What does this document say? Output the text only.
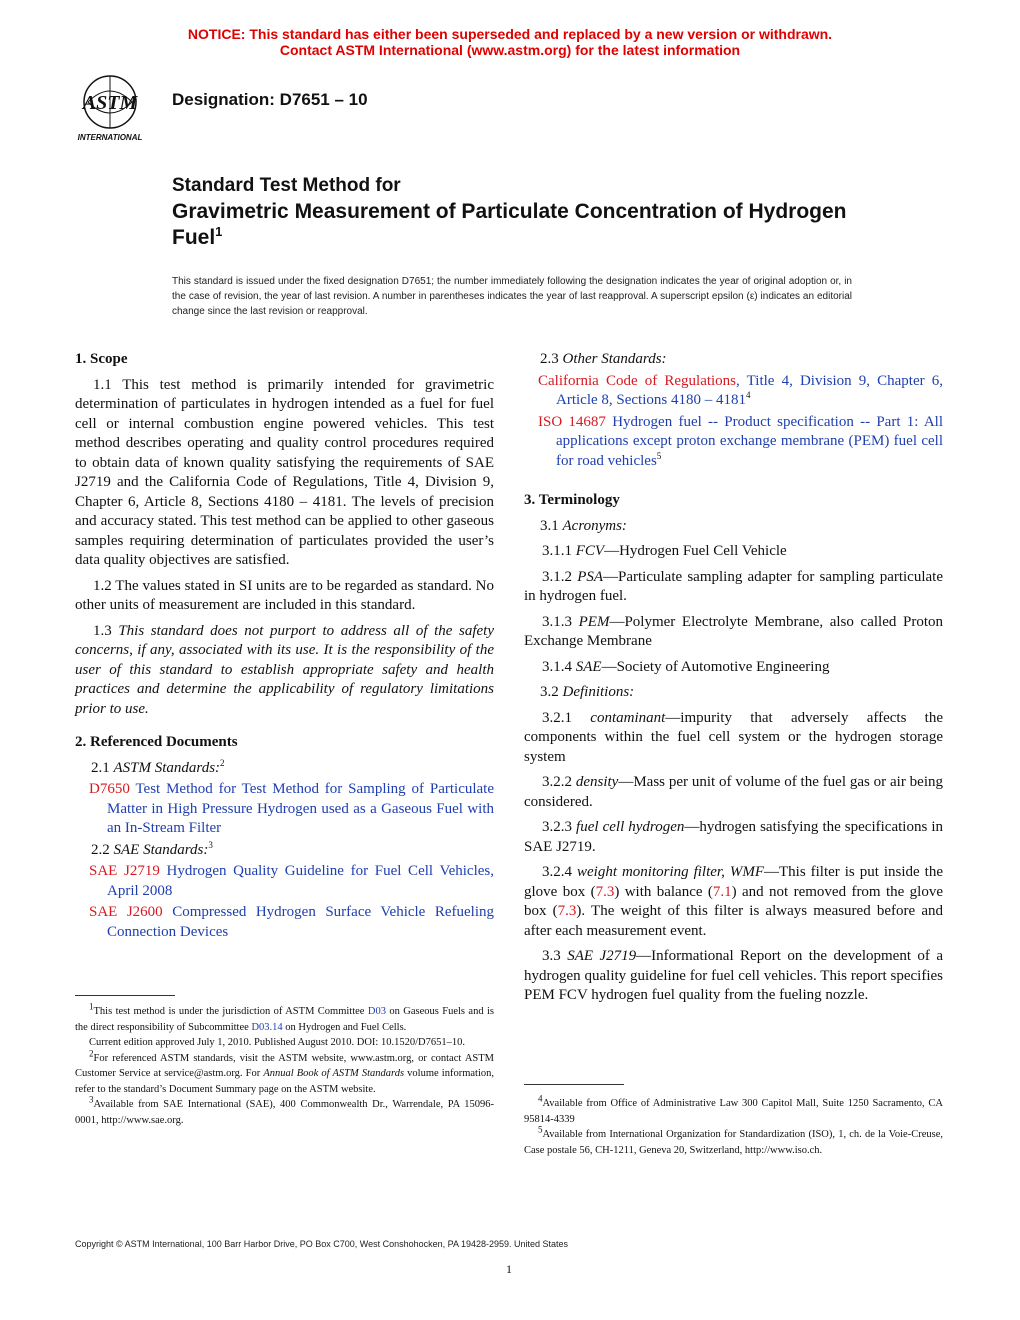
NOTICE: This standard has either been superseded and replaced by a new version or withdrawn.
Contact ASTM International (www.astm.org) for the latest information
ASTM
INTERNATIONAL
Designation: D7651 – 10
Standard Test Method for
Gravimetric Measurement of Particulate Concentration of Hydrogen Fuel$^1$
This standard is issued under the fixed designation D7651; the number immediately following the designation indicates the year of original adoption or, in the case of revision, the year of last revision. A number in parentheses indicates the year of last reapproval. A superscript epsilon (ε) indicates an editorial change since the last revision or reapproval.

1. Scope

1.1 This test method is primarily intended for gravimetric determination of particulates in hydrogen intended as a fuel for fuel cell or internal combustion engine powered vehicles. This test method describes operating and quality control procedures required to obtain data of known quality satisfying the requirements of SAE J2719 and the California Code of Regulations, Title 4, Division 9, Chapter 6, Article 8, Sections 4180 – 4181. The levels of precision and accuracy stated. This test method can be applied to other gaseous samples requiring determination of particulates provided the user’s data quality objectives are satisfied.

1.2 The values stated in SI units are to be regarded as standard. No other units of measurement are included in this standard.

1.3 This standard does not purport to address all of the safety concerns, if any, associated with its use. It is the responsibility of the user of this standard to establish appropriate safety and health practices and determine the applicability of regulatory limitations prior to use.

2. Referenced Documents

2.1 ASTM Standards:$^2$

D7650 Test Method for Test Method for Sampling of Particulate Matter in High Pressure Hydrogen used as a Gaseous Fuel with an In-Stream Filter

2.2 SAE Standards:$^3$

SAE J2719 Hydrogen Quality Guideline for Fuel Cell Vehicles, April 2008

SAE J2600 Compressed Hydrogen Surface Vehicle Refueling Connection Devices

$^1$This test method is under the jurisdiction of ASTM Committee D03 on Gaseous Fuels and is the direct responsibility of Subcommittee D03.14 on Hydrogen and Fuel Cells.

Current edition approved July 1, 2010. Published August 2010. DOI: 10.1520/D7651–10.

$^2$For referenced ASTM standards, visit the ASTM website, www.astm.org, or contact ASTM Customer Service at service@astm.org. For Annual Book of ASTM Standards volume information, refer to the standard’s Document Summary page on the ASTM website.

$^3$Available from SAE International (SAE), 400 Commonwealth Dr., Warrendale, PA 15096-0001, http://www.sae.org.

2.3 Other Standards:

California Code of Regulations, Title 4, Division 9, Chapter 6, Article 8, Sections 4180 – 4181$^4$

ISO 14687 Hydrogen fuel -- Product specification -- Part 1: All applications except proton exchange membrane (PEM) fuel cell for road vehicles$^5$

3. Terminology

3.1 Acronyms:

3.1.1 FCV—Hydrogen Fuel Cell Vehicle

3.1.2 PSA—Particulate sampling adapter for sampling particulate in hydrogen fuel.

3.1.3 PEM—Polymer Electrolyte Membrane, also called Proton Exchange Membrane

3.1.4 SAE—Society of Automotive Engineering

3.2 Definitions:

3.2.1 contaminant—impurity that adversely affects the components within the fuel cell system or the hydrogen storage system

3.2.2 density—Mass per unit of volume of the fuel gas or air being considered.

3.2.3 fuel cell hydrogen—hydrogen satisfying the specifications in SAE J2719.

3.2.4 weight monitoring filter, WMF—This filter is put inside the glove box (7.3) with balance (7.1) and not removed from the glove box (7.3). The weight of this filter is always measured before and after each measurement event.

3.3 SAE J2719—Informational Report on the development of a hydrogen quality guideline for fuel cell vehicles. This report specifies PEM FCV hydrogen fuel quality from the fueling nozzle.

$^4$Available from Office of Administrative Law 300 Capitol Mall, Suite 1250 Sacramento, CA 95814-4339

$^5$Available from International Organization for Standardization (ISO), 1, ch. de la Voie-Creuse, Case postale 56, CH-1211, Geneva 20, Switzerland, http://www.iso.ch.

Copyright © ASTM International, 100 Barr Harbor Drive, PO Box C700, West Conshohocken, PA 19428-2959. United States
1
